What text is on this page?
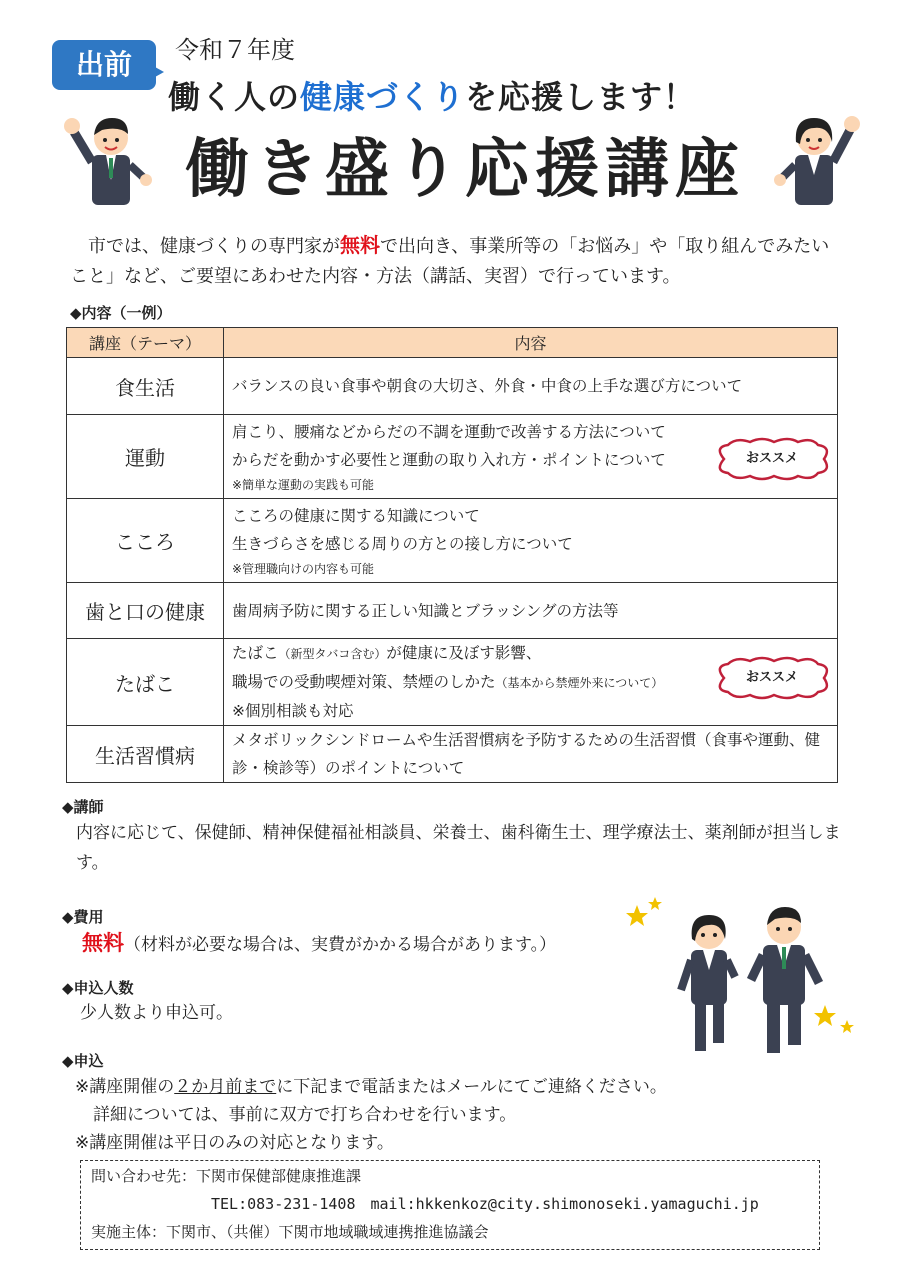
出前	令和７年度
働く人の健康づくりを応援します！
働き盛り応援講座
市では、健康づくりの専門家が無料で出向き、事業所等の「お悩み」や「取り組んでみたいこと」など、ご要望にあわせた内容・方法（講話、実習）で行っています。
◆内容（一例）
講座（テーマ）	内容
食生活	バランスの良い食事や朝食の大切さ、外食・中食の上手な選び方について
運動	肩こり、腰痛などからだの不調を運動で改善する方法について
からだを動かす必要性と運動の取り入れ方・ポイントについて
※簡単な運動の実践も可能

こころ	こころの健康に関する知識について
生きづらさを感じる周りの方との接し方について
※管理職向けの内容も可能

歯と口の健康	歯周病予防に関する正しい知識とブラッシングの方法等
たばこ	たばこ（新型タバコ含む）が健康に及ぼす影響、
職場での受動喫煙対策、禁煙のしかた（基本から禁煙外来について）
※個別相談も対応

生活習慣病	メタボリックシンドロームや生活習慣病を予防するための生活習慣（食事や運動、健診・検診等）のポイントについて
おススメ
おススメ
◆講師
内容に応じて、保健師、精神保健福祉相談員、栄養士、歯科衛生士、理学療法士、薬剤師が担当します。
◆費用
無料（材料が必要な場合は、実費がかかる場合があります。）
◆申込人数
少人数より申込可。
◆申込
※講座開催の２か月前までに下記まで電話またはメールにてご連絡ください。
詳細については、事前に双方で打ち合わせを行います。
※講座開催は平日のみの対応となります。
問い合わせ先：下関市保健部健康推進課
TEL:083-231-1408　mail:hkkenkoz@city.shimonoseki.yamaguchi.jp
実施主体：下関市、（共催）下関市地域職域連携推進協議会
